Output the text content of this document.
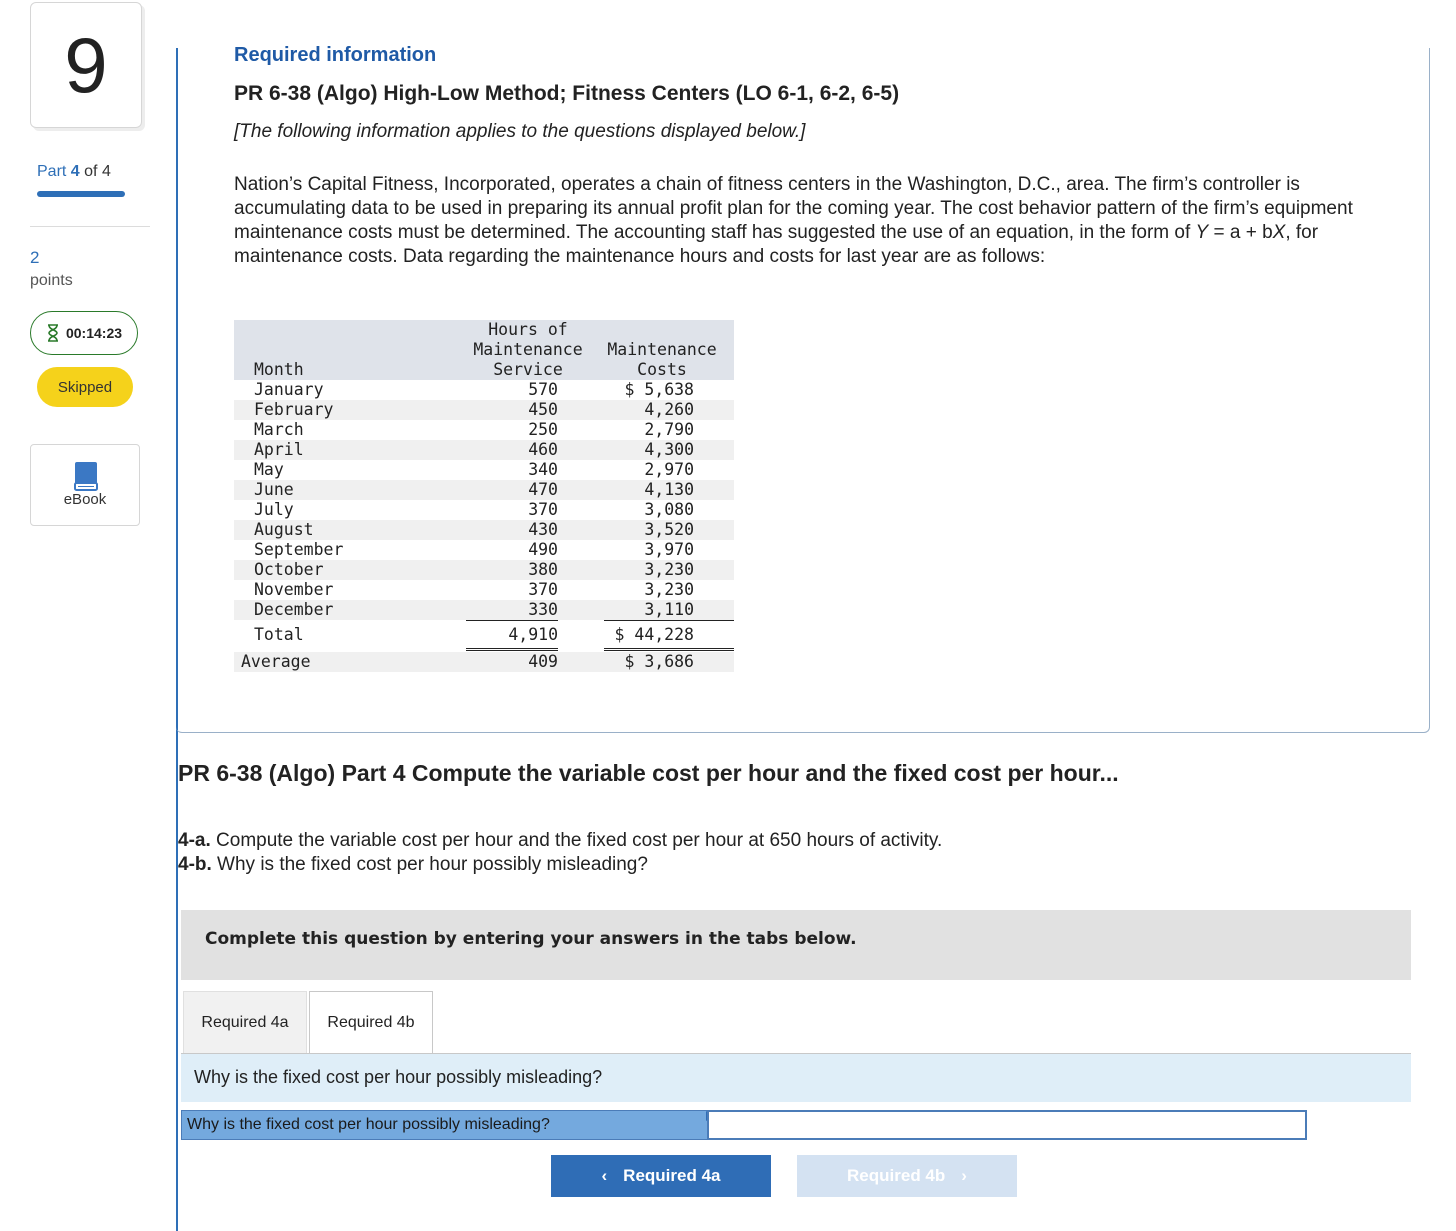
9
Part 4 of 4
2
points
00:14:23
Skipped
eBook
Required information
PR 6-38 (Algo) High-Low Method; Fitness Centers (LO 6-1, 6-2, 6-5)
[The following information applies to the questions displayed below.]
Nation’s Capital Fitness, Incorporated, operates a chain of fitness centers in the Washington, D.C., area. The firm’s controller is accumulating data to be used in preparing its annual profit plan for the coming year. The cost behavior pattern of the firm’s equipment maintenance costs must be determined. The accounting staff has suggested the use of an equation, in the form of Y = a + bX, for maintenance costs. Data regarding the maintenance hours and costs for last year are as follows:

Month

Hours of

Maintenance

Service

Maintenance

Costs

January	570	$ 5,638
February	450	4,260
March	250	2,790
April	460	4,300
May	340	2,970
June	470	4,130
July	370	3,080
August	430	3,520
September	490	3,970
October	380	3,230
November	370	3,230
December	330	3,110
Total	4,910	$ 44,228
Average	409	$ 3,686
PR 6-38 (Algo) Part 4 Compute the variable cost per hour and the fixed cost per hour...
4-a. Compute the variable cost per hour and the fixed cost per hour at 650 hours of activity.
4-b. Why is the fixed cost per hour possibly misleading?
Complete this question by entering your answers in the tabs below.
Required 4a	Required 4b
Why is the fixed cost per hour possibly misleading?
Why is the fixed cost per hour possibly misleading?
‹ Required 4a	Required 4b ›
